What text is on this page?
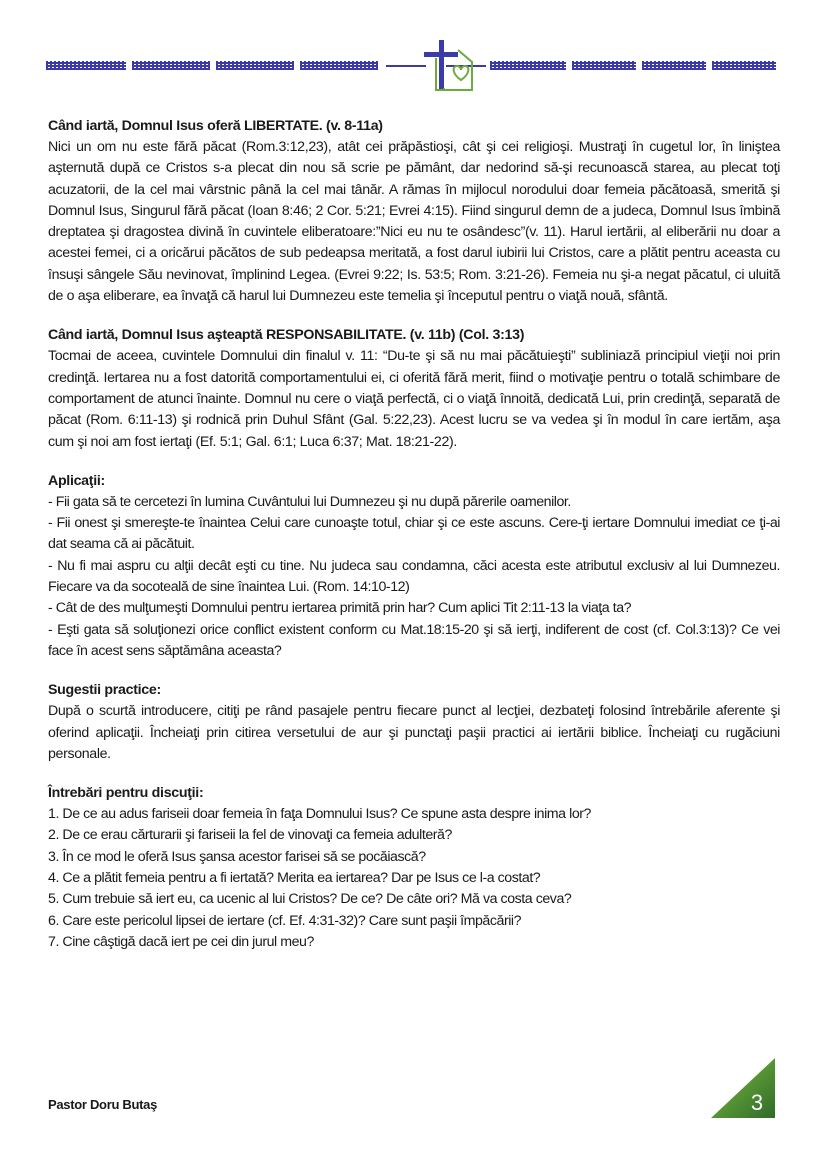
Când iartă, Domnul Isus oferă LIBERTATE. (v. 8-11a)

Nici un om nu este fără păcat (Rom.3:12,23), atât cei prăpăstioşi, cât şi cei religioşi. Mustraţi în cugetul lor, în liniştea aşternută după ce Cristos s-a plecat din nou să scrie pe pământ, dar nedorind să-şi recunoască starea, au plecat toţi acuzatorii, de la cel mai vârstnic până la cel mai tânăr. A rămas în mijlocul norodului doar femeia păcătoasă, smerită şi Domnul Isus, Singurul fără păcat (Ioan 8:46; 2 Cor. 5:21; Evrei 4:15). Fiind singurul demn de a judeca, Domnul Isus îmbină dreptatea şi dragostea divină în cuvintele eliberatoare:”Nici eu nu te osândesc”(v. 11). Harul iertării, al eliberării nu doar a acestei femei, ci a oricărui păcătos de sub pedeapsa meritată, a fost darul iubirii lui Cristos, care a plătit pentru aceasta cu însuşi sângele Său nevinovat, împlinind Legea. (Evrei 9:22; Is. 53:5; Rom. 3:21-26). Femeia nu şi-a negat păcatul, ci uluită de o aşa eliberare, ea învaţă că harul lui Dumnezeu este temelia şi începutul pentru o viaţă nouă, sfântă.

Când iartă, Domnul Isus aşteaptă RESPONSABILITATE. (v. 11b) (Col. 3:13)

Tocmai de aceea, cuvintele Domnului din finalul v. 11: “Du-te şi să nu mai păcătuieşti” subliniază principiul vieţii noi prin credinţă. Iertarea nu a fost datorită comportamentului ei, ci oferită fără merit, fiind o motivaţie pentru o totală schimbare de comportament de atunci înainte. Domnul nu cere o viaţă perfectă, ci o viaţă înnoită, dedicată Lui, prin credinţă, separată de păcat (Rom. 6:11-13) şi rodnică prin Duhul Sfânt (Gal. 5:22,23). Acest lucru se va vedea şi în modul în care iertăm, aşa cum şi noi am fost iertaţi (Ef. 5:1; Gal. 6:1; Luca 6:37; Mat. 18:21-22).

Aplicaţii:
- Fii gata să te cercetezi în lumina Cuvântului lui Dumnezeu şi nu după părerile oamenilor.
- Fii onest şi smereşte-te înaintea Celui care cunoaşte totul, chiar şi ce este ascuns. Cere-ţi iertare Domnului imediat ce ţi-ai dat seama că ai păcătuit.
- Nu fi mai aspru cu alţii decât eşti cu tine. Nu judeca sau condamna, căci acesta este atributul exclusiv al lui Dumnezeu. Fiecare va da socoteală de sine înaintea Lui. (Rom. 14:10-12)
- Cât de des mulţumeşti Domnului pentru iertarea primită prin har? Cum aplici Tit 2:11-13 la viaţa ta?
- Eşti gata să soluţionezi orice conflict existent conform cu Mat.18:15-20 şi să ierţi, indiferent de cost (cf. Col.3:13)? Ce vei face în acest sens săptămâna aceasta?
Sugestii practice:

După o scurtă introducere, citiţi pe rând pasajele pentru fiecare punct al lecţiei, dezbateţi folosind întrebările aferente şi oferind aplicaţii. Încheiaţi prin citirea versetului de aur şi punctaţi paşii practici ai iertării biblice. Încheiaţi cu rugăciuni personale.

Întrebări pentru discuţii:
1. De ce au adus fariseii doar femeia în faţa Domnului Isus? Ce spune asta despre inima lor?
2. De ce erau cărturarii şi fariseii la fel de vinovaţi ca femeia adulteră?
3. În ce mod le oferă Isus şansa acestor farisei să se pocăiască?
4. Ce a plătit femeia pentru a fi iertată? Merita ea iertarea? Dar pe Isus ce l-a costat?
5. Cum trebuie să iert eu, ca ucenic al lui Cristos? De ce? De câte ori? Mă va costa ceva?
6. Care este pericolul lipsei de iertare (cf. Ef. 4:31-32)? Care sunt paşii împăcării?
7. Cine câştigă dacă iert pe cei din jurul meu?
Pastor Doru Butaş	3
